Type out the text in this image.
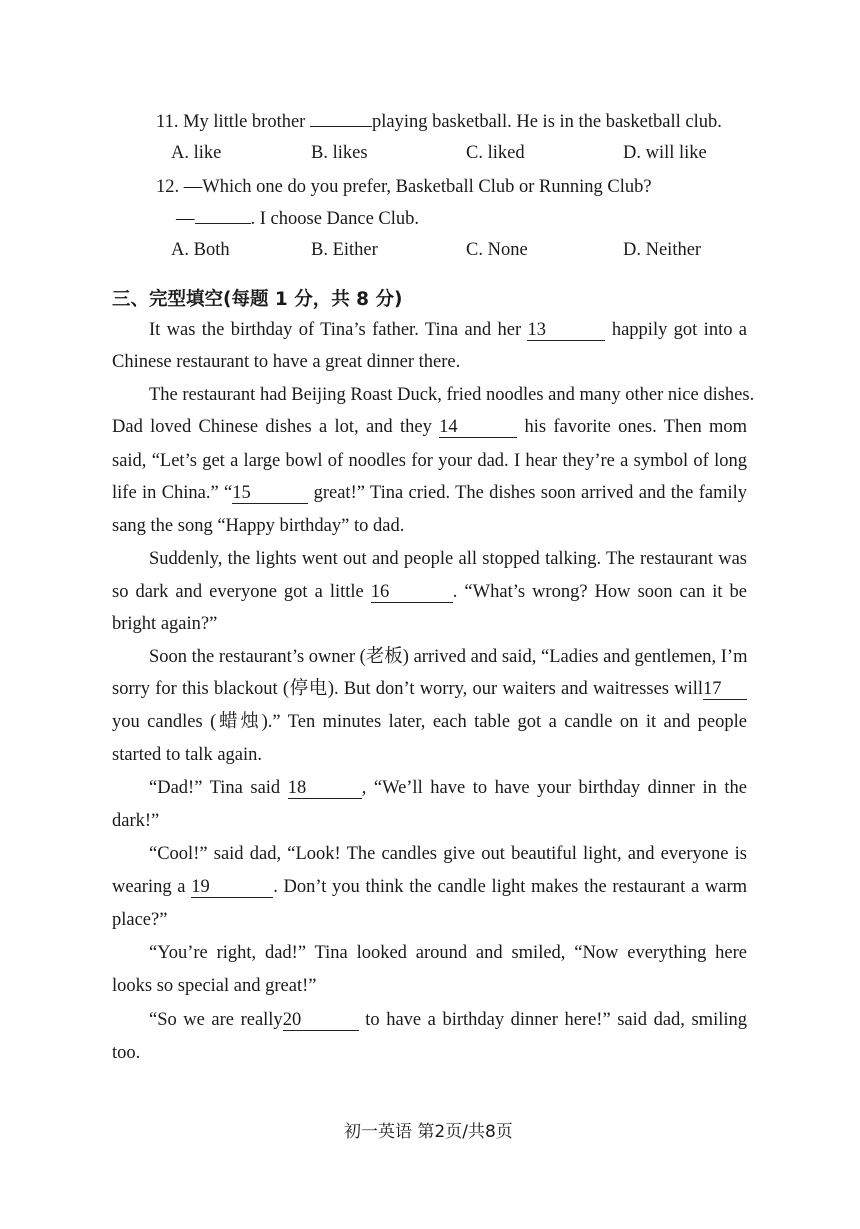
11. My little brother	playing basketball. He is in the basketball club.
A. like	B. likes	C. liked	D. will like
12. —Which one do you prefer, Basketball Club or Running Club?
—	. I choose Dance Club.
A. Both	B. Either	C. None	D. Neither
三、完型填空(每题 1 分，共 8 分)
It was the birthday of Tina’s father. Tina and her 13	happily got into a
Chinese restaurant to have a great dinner there.
The restaurant had Beijing Roast Duck, fried noodles and many other nice dishes.
Dad loved Chinese dishes a lot, and they 14	his favorite ones. Then mom
said, “Let’s get a large bowl of noodles for your dad. I hear they’re a symbol of long
life in China.” “15	great!” Tina cried. The dishes soon arrived and the family
sang the song “Happy birthday” to dad.
Suddenly, the lights went out and people all stopped talking. The restaurant was
so dark and everyone got a little 16	. “What’s wrong? How soon can it be
bright again?”
Soon the restaurant’s owner (老板) arrived and said, “Ladies and gentlemen, I’m
sorry for this blackout (停电). But don’t worry, our waiters and waitresses will17
you candles (蜡烛).” Ten minutes later, each table got a candle on it and people
started to talk again.
“Dad!” Tina said 18	, “We’ll have to have your birthday dinner in the
dark!”
“Cool!” said dad, “Look! The candles give out beautiful light, and everyone is
wearing a 19	. Don’t you think the candle light makes the restaurant a warm
place?”
“You’re right, dad!” Tina looked around and smiled, “Now everything here
looks so special and great!”
“So we are really20	to have a birthday dinner here!” said dad, smiling
too.
初一英语 第2页/共8页
